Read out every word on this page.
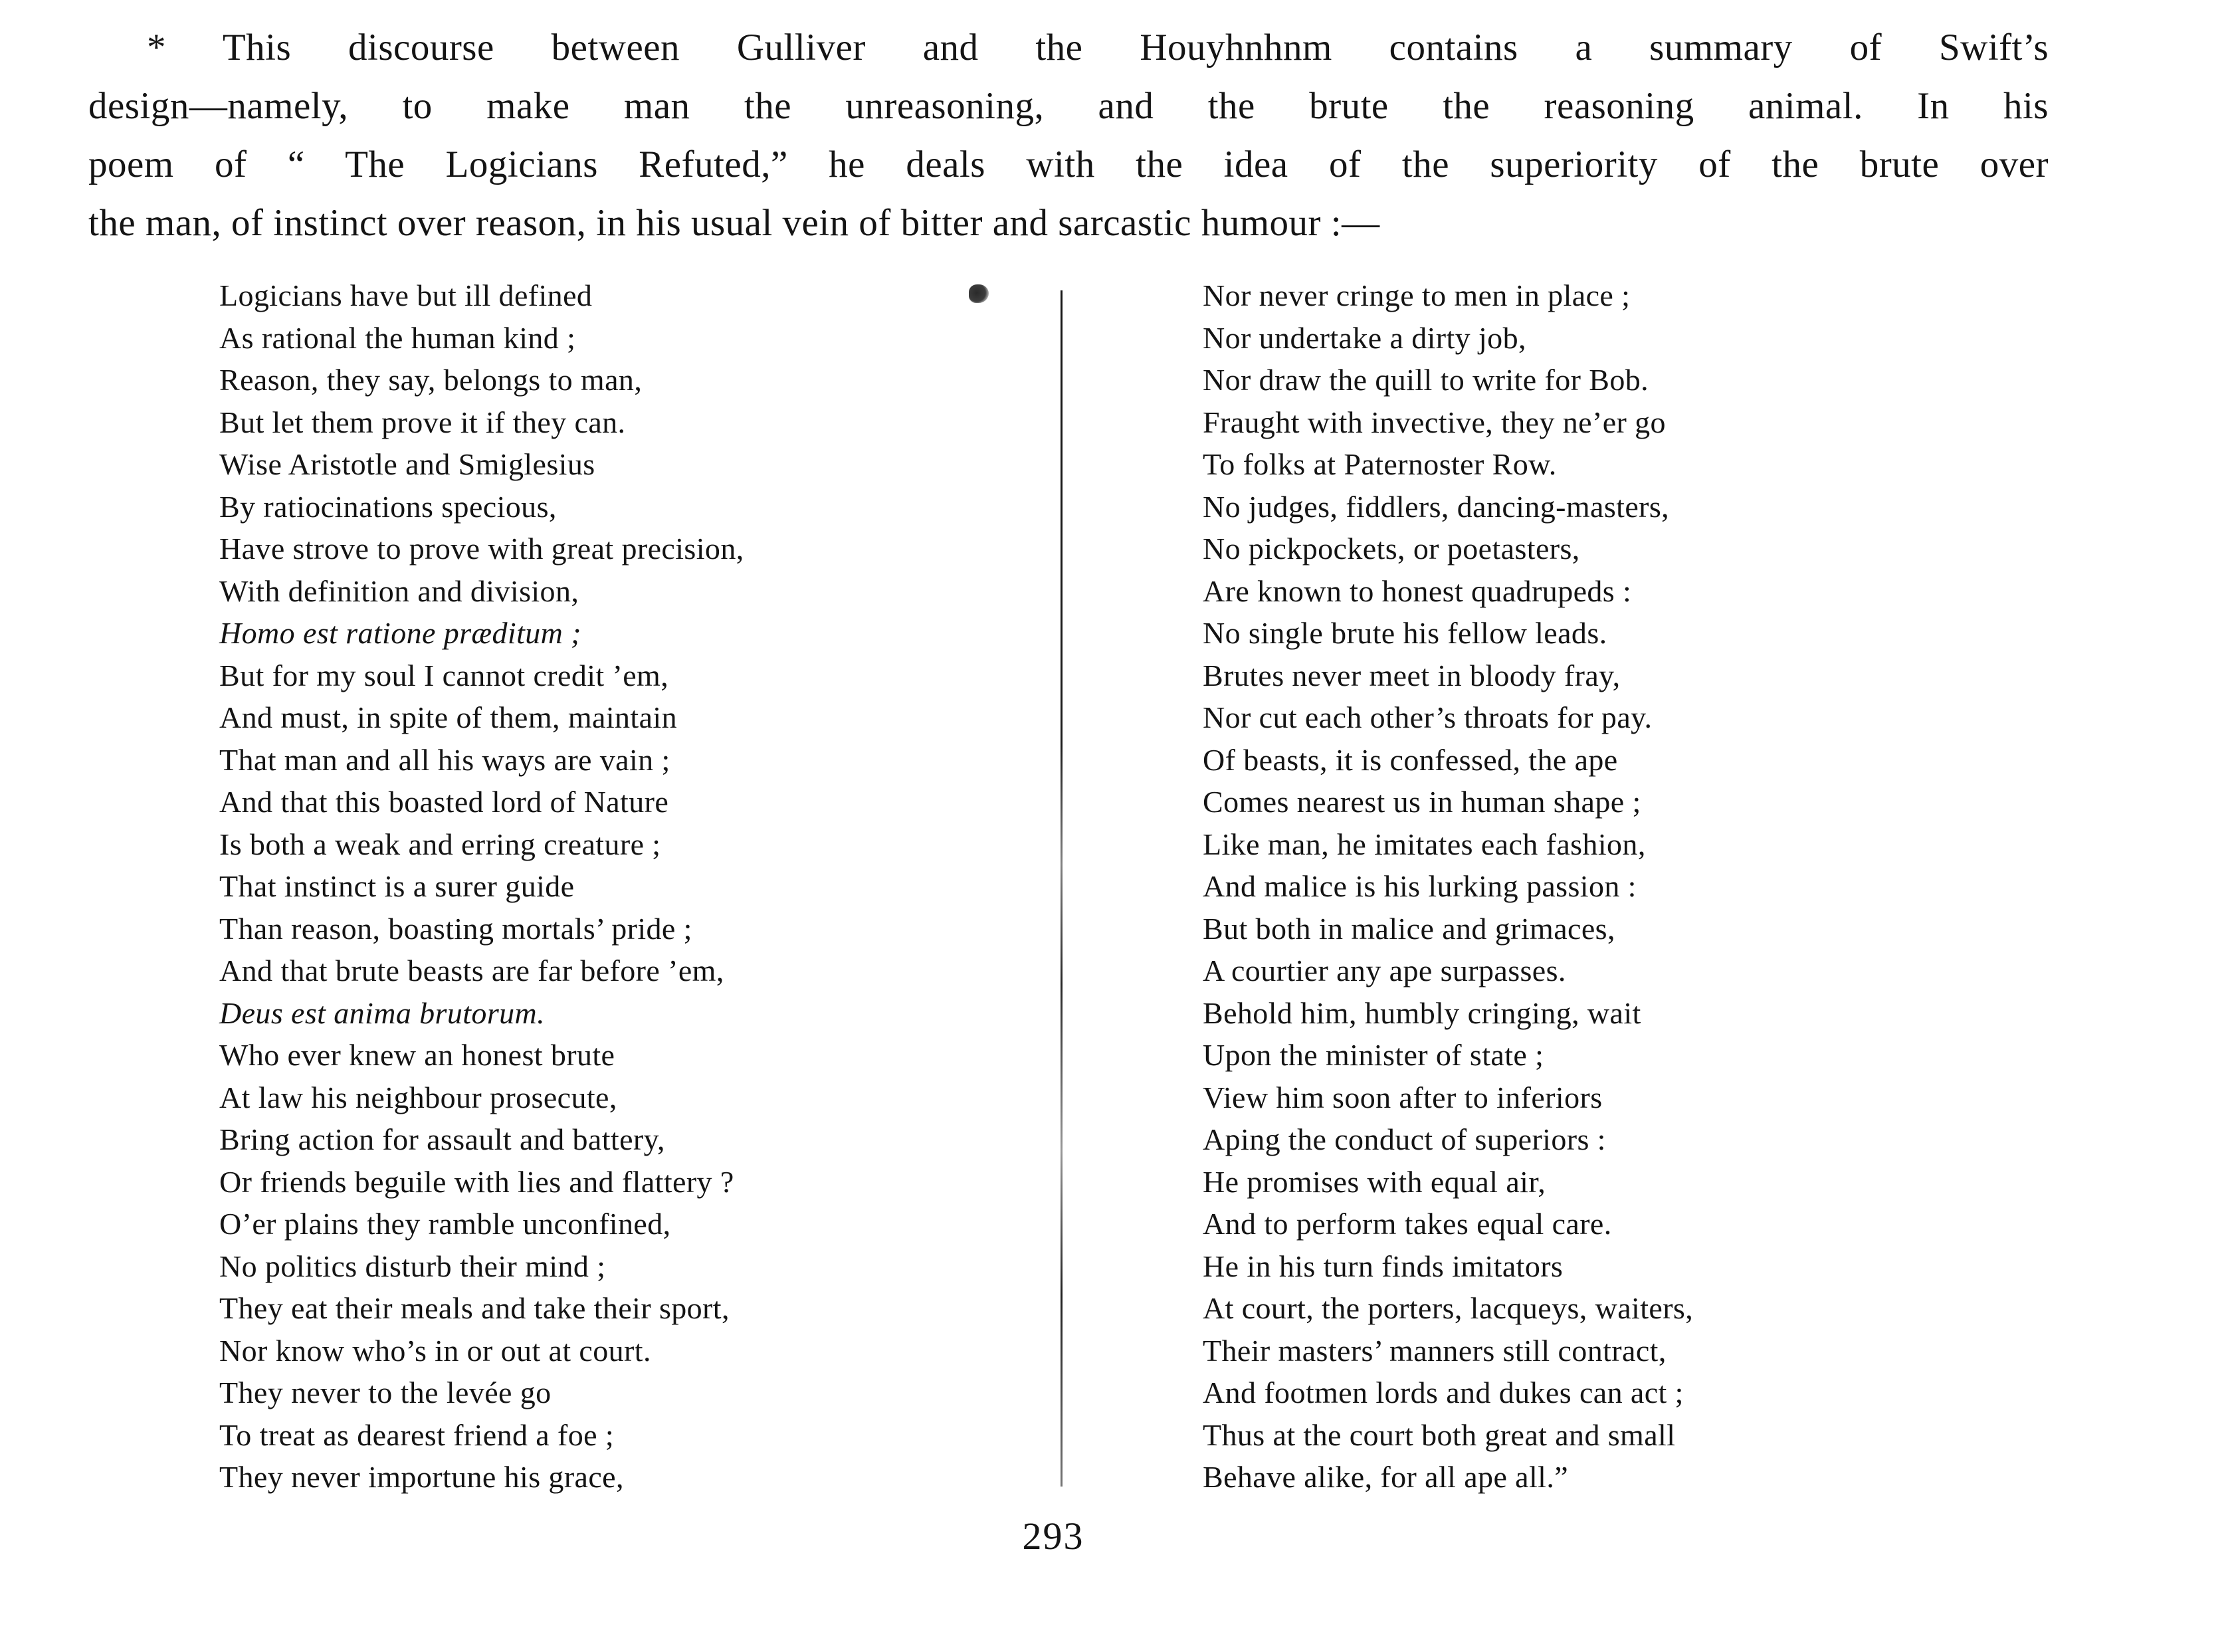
* This discourse between Gulliver and the Houyhnhnm contains a summary of Swift’s
design—namely, to make man the unreasoning, and the brute the reasoning animal. In his
poem of “ The Logicians Refuted,” he deals with the idea of the superiority of the brute over
the man, of instinct over reason, in his usual vein of bitter and sarcastic humour :—
Logicians have but ill defined
As rational the human kind ;
Reason, they say, belongs to man,
But let them prove it if they can.
Wise Aristotle and Smiglesius
By ratiocinations specious,
Have strove to prove with great precision,
With definition and division,
Homo est ratione præditum ;
But for my soul I cannot credit ’em,
And must, in spite of them, maintain
That man and all his ways are vain ;
And that this boasted lord of Nature
Is both a weak and erring creature ;
That instinct is a surer guide
Than reason, boasting mortals’ pride ;
And that brute beasts are far before ’em,
Deus est anima brutorum.
Who ever knew an honest brute
At law his neighbour prosecute,
Bring action for assault and battery,
Or friends beguile with lies and flattery ?
O’er plains they ramble unconfined,
No politics disturb their mind ;
They eat their meals and take their sport,
Nor know who’s in or out at court.
They never to the levée go
To treat as dearest friend a foe ;
They never importune his grace,
Nor never cringe to men in place ;
Nor undertake a dirty job,
Nor draw the quill to write for Bob.
Fraught with invective, they ne’er go
To folks at Paternoster Row.
No judges, fiddlers, dancing-masters,
No pickpockets, or poetasters,
Are known to honest quadrupeds :
No single brute his fellow leads.
Brutes never meet in bloody fray,
Nor cut each other’s throats for pay.
Of beasts, it is confessed, the ape
Comes nearest us in human shape ;
Like man, he imitates each fashion,
And malice is his lurking passion :
But both in malice and grimaces,
A courtier any ape surpasses.
Behold him, humbly cringing, wait
Upon the minister of state ;
View him soon after to inferiors
Aping the conduct of superiors :
He promises with equal air,
And to perform takes equal care.
He in his turn finds imitators
At court, the porters, lacqueys, waiters,
Their masters’ manners still contract,
And footmen lords and dukes can act ;
Thus at the court both great and small
Behave alike, for all ape all.”
293
